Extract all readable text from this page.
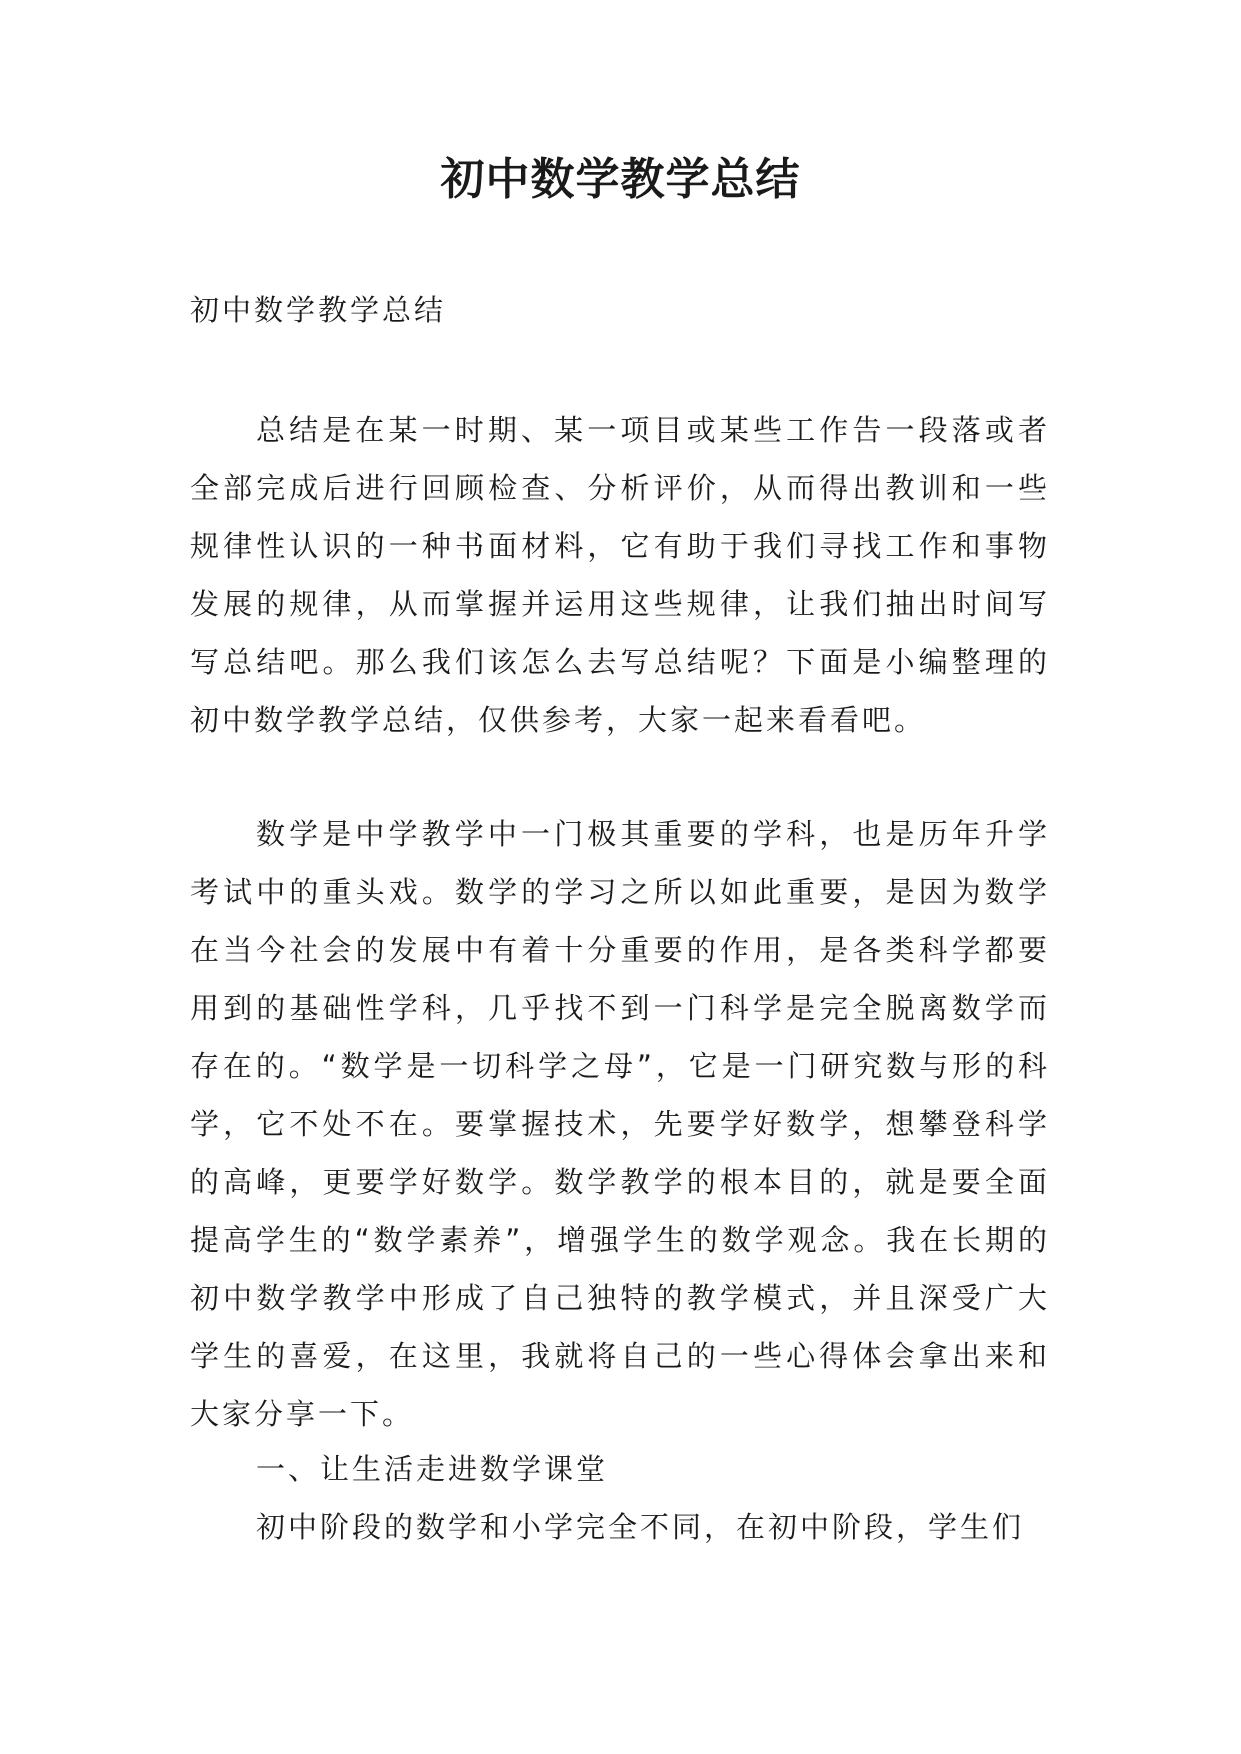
初中数学教学总结

初中数学教学总结

总结是在某一时期、某一项目或某些工作告一段落或者全部完成后进行回顾检查、分析评价，从而得出教训和一些规律性认识的一种书面材料，它有助于我们寻找工作和事物发展的规律，从而掌握并运用这些规律，让我们抽出时间写写总结吧。那么我们该怎么去写总结呢？下面是小编整理的初中数学教学总结，仅供参考，大家一起来看看吧。

数学是中学教学中一门极其重要的学科，也是历年升学考试中的重头戏。数学的学习之所以如此重要，是因为数学在当今社会的发展中有着十分重要的作用，是各类科学都要用到的基础性学科，几乎找不到一门科学是完全脱离数学而存在的。“数学是一切科学之母”，它是一门研究数与形的科学，它不处不在。要掌握技术，先要学好数学，想攀登科学的高峰，更要学好数学。数学教学的根本目的，就是要全面提高学生的“数学素养”，增强学生的数学观念。我在长期的初中数学教学中形成了自己独特的教学模式，并且深受广大学生的喜爱，在这里，我就将自己的一些心得体会拿出来和大家分享一下。

一、让生活走进数学课堂

初中阶段的数学和小学完全不同，在初中阶段，学生们
